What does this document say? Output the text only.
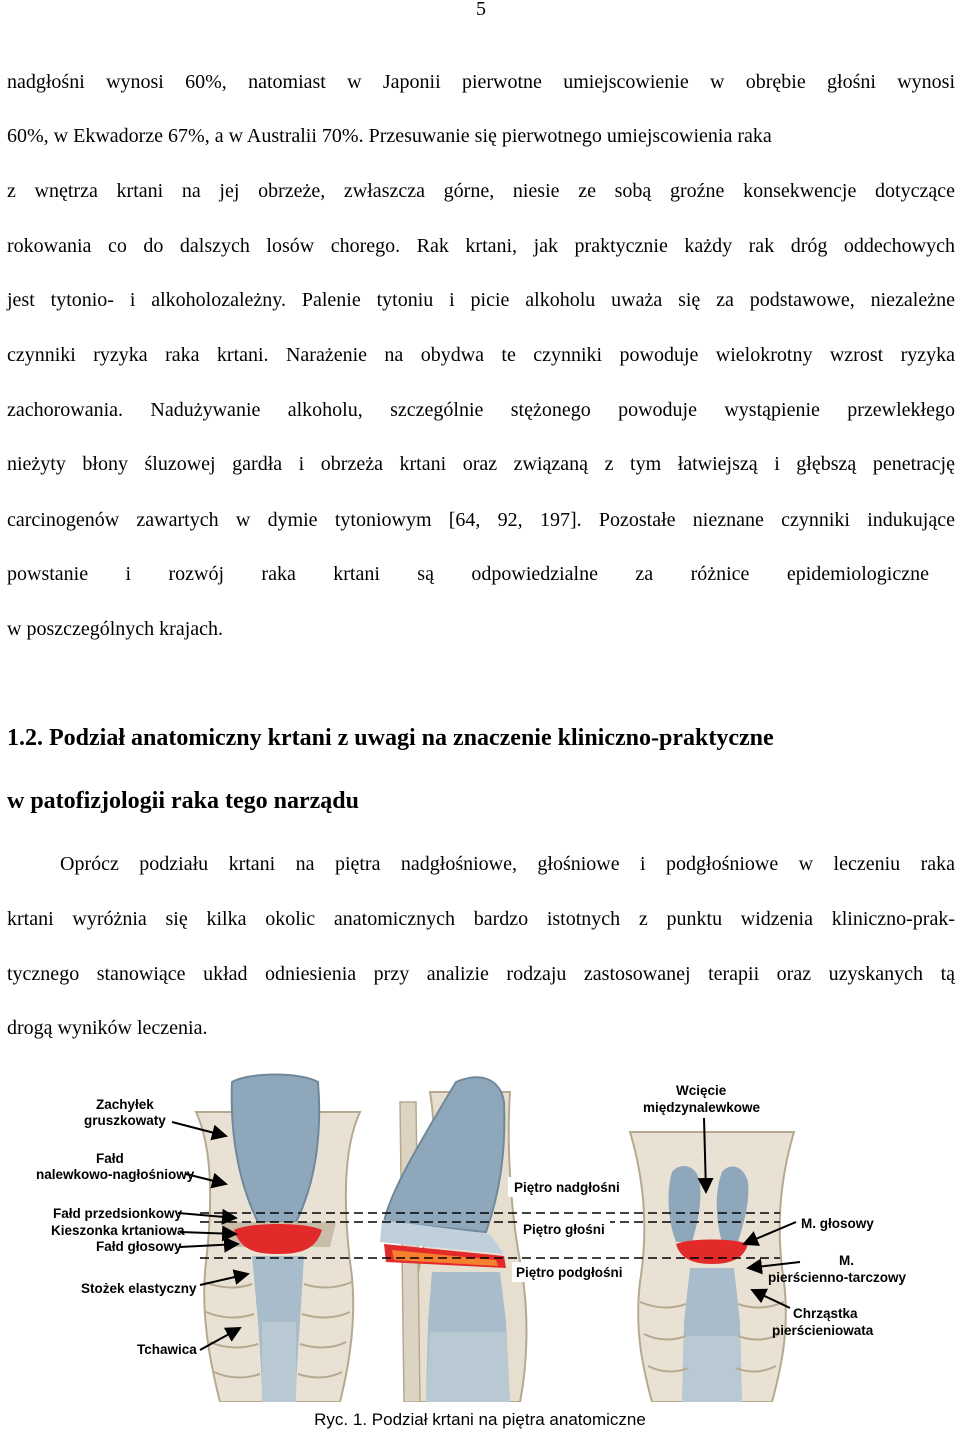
5
nadgłośni wynosi 60%, natomiast w Japonii pierwotne umiejscowienie w obrębie głośni wynosi
60%, w Ekwadorze 67%, a w Australii 70%. Przesuwanie się pierwotnego umiejscowienia raka
z wnętrza krtani na jej obrzeże, zwłaszcza górne, niesie ze sobą groźne konsekwencje dotyczące
rokowania co do dalszych losów chorego. Rak krtani, jak praktycznie każdy rak dróg oddechowych
jest tytonio- i alkoholozależny. Palenie tytoniu i picie alkoholu uważa się za podstawowe, niezależne
czynniki ryzyka raka krtani. Narażenie na obydwa te czynniki powoduje wielokrotny wzrost ryzyka
zachorowania. Nadużywanie alkoholu, szczególnie stężonego powoduje wystąpienie przewlekłego
nieżyty błony śluzowej gardła i obrzeża krtani oraz związaną z tym łatwiejszą i głębszą penetrację
carcinogenów zawartych w dymie tytoniowym [64, 92, 197]. Pozostałe nieznane czynniki indukujące
powstanie i rozwój raka krtani są odpowiedzialne za różnice epidemiologiczne
w poszczególnych krajach.
1.2. Podział anatomiczny krtani z uwagi na znaczenie kliniczno-praktyczne
w patofizjologii raka tego narządu
Oprócz podziału krtani na piętra nadgłośniowe, głośniowe i podgłośniowe w leczeniu raka
krtani wyróżnia się kilka okolic anatomicznych bardzo istotnych z punktu widzenia kliniczno-prak-
tycznego stanowiące układ odniesienia przy analizie rodzaju zastosowanej terapii oraz uzyskanych tą
drogą wyników leczenia.
Zachyłek
gruszkowaty
Fałd
nalewkowo-nagłośniowy
Fałd przedsionkowy
Kieszonka krtaniowa
Fałd głosowy
Stożek elastyczny
Tchawica
Piętro nadgłośni
Piętro głośni
Piętro podgłośni
Wcięcie
międzynalewkowe
M. głosowy
M.
pierścienno-tarczowy
Chrząstka
pierścieniowata
Ryc. 1. Podział krtani na piętra anatomiczne
